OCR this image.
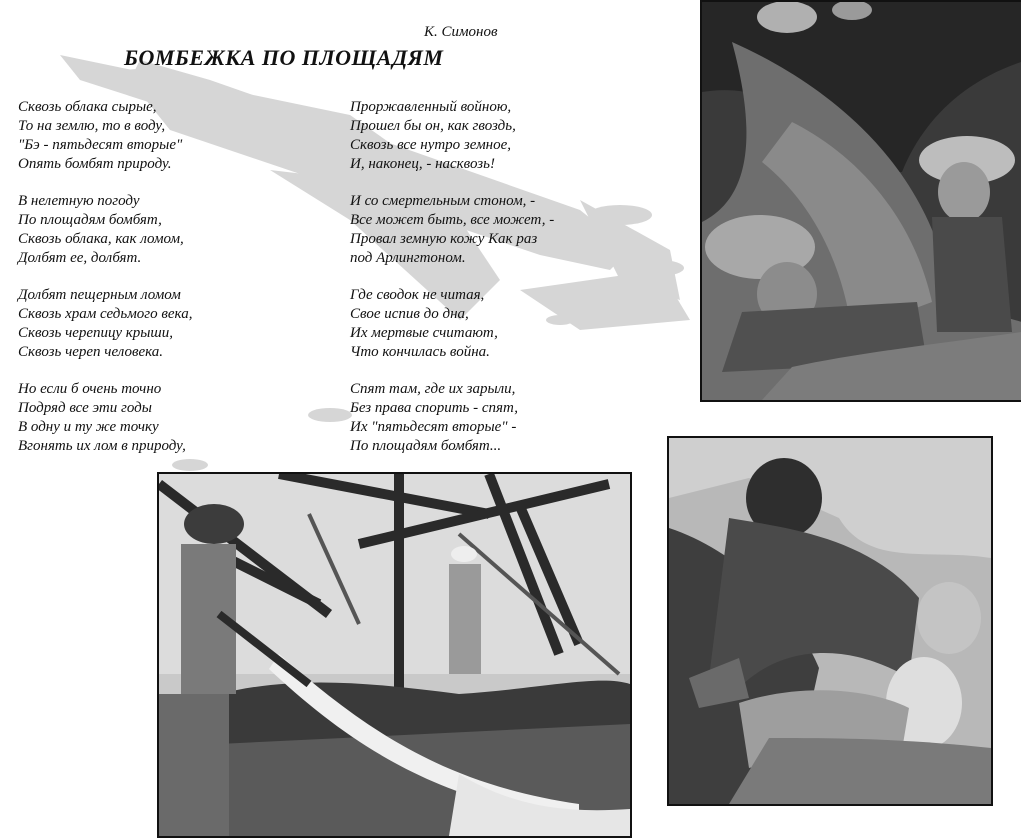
К. Симонов
БОМБЕЖКА ПО ПЛОЩАДЯМ
Сквозь облака сырые,
То на землю, то в воду,
"Бэ - пятьдесят вторые"
Опять бомбят природу.
В нелетную погоду
По площадям бомбят,
Сквозь облака, как ломом,
Долбят ее, долбят.
Долбят пещерным ломом
Сквозь храм седьмого века,
Сквозь черепицу крыши,
Сквозь череп человека.
Но если б очень точно
Подряд все эти годы
В одну и ту же точку
Вгонять их лом в природу,
Проржавленный войною,
Прошел бы он, как гвоздь,
Сквозь все нутро земное,
И, наконец, - насквозь!
И со смертельным стоном, -
Все может быть, все может, -
Провал земную кожу Как раз
под Арлингтоном.
Где сводок не читая,
Свое испив до дна,
Их мертвые считают,
Что кончилась война.
Спят там, где их зарыли,
Без права спорить - спят,
Их "пятьдесят вторые" -
По площадям бомбят...
